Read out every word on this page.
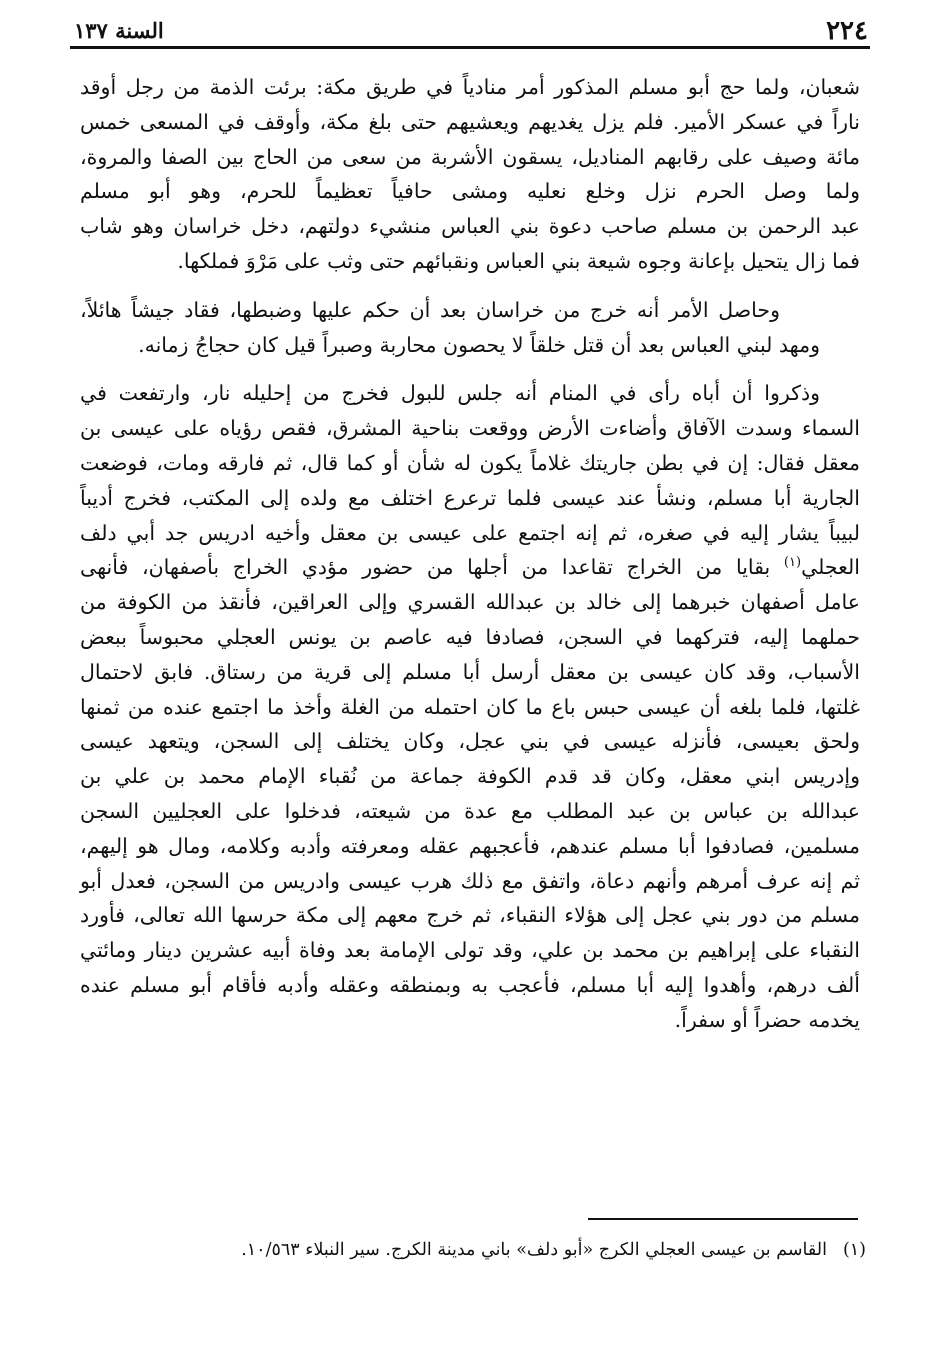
٢٢٤
السنة ١٣٧

شعبان، ولما حج أبو مسلم المذكور أمر منادياً في طريق مكة: برئت الذمة من رجل أوقد
ناراً في عسكر الأمير. فلم يزل يغديهم ويعشيهم حتى بلغ مكة، وأوقف في المسعى خمس
مائة وصيف على رقابهم المناديل، يسقون الأشربة من سعى من الحاج بين الصفا والمروة،
ولما وصل الحرم نزل وخلع نعليه ومشى حافياً تعظيماً للحرم، وهو أبو مسلم
عبد الرحمن بن مسلم صاحب دعوة بني العباس منشيء دولتهم، دخل خراسان وهو شاب
فما زال يتحيل بإعانة وجوه شيعة بني العباس ونقبائهم حتى وثب على مَرْوَ فملكها.

وحاصل الأمر أنه خرج من خراسان بعد أن حكم عليها وضبطها، فقاد جيشاً هائلاً،
ومهد لبني العباس بعد أن قتل خلقاً لا يحصون محاربة وصبراً قيل كان حجاجُ زمانه.

وذكروا أن أباه رأى في المنام أنه جلس للبول فخرج من إحليله نار، وارتفعت في
السماء وسدت الآفاق وأضاءت الأرض ووقعت بناحية المشرق، فقص رؤياه على عيسى بن
معقل فقال: إن في بطن جاريتك غلاماً يكون له شأن أو كما قال، ثم فارقه ومات، فوضعت
الجارية أبا مسلم، ونشأ عند عيسى فلما ترعرع اختلف مع ولده إلى المكتب، فخرج أديباً
لبيباً يشار إليه في صغره، ثم إنه اجتمع على عيسى بن معقل وأخيه ادريس جد أبي دلف
العجلي$^{(١)}$ بقايا من الخراج تقاعدا من أجلها من حضور مؤدي الخراج بأصفهان، فأنهى
عامل أصفهان خبرهما إلى خالد بن عبدالله القسري وإلى العراقين، فأنقذ من الكوفة من
حملهما إليه، فتركهما في السجن، فصادفا فيه عاصم بن يونس العجلي محبوساً ببعض
الأسباب، وقد كان عيسى بن معقل أرسل أبا مسلم إلى قرية من رستاق. فابق لاحتمال
غلتها، فلما بلغه أن عيسى حبس باع ما كان احتمله من الغلة وأخذ ما اجتمع عنده من ثمنها
ولحق بعيسى، فأنزله عيسى في بني عجل، وكان يختلف إلى السجن، ويتعهد عيسى
وإدريس ابني معقل، وكان قد قدم الكوفة جماعة من نُقباء الإمام محمد بن علي بن
عبدالله بن عباس بن عبد المطلب مع عدة من شيعته، فدخلوا على العجليين السجن
مسلمين، فصادفوا أبا مسلم عندهم، فأعجبهم عقله ومعرفته وأدبه وكلامه، ومال هو إليهم،
ثم إنه عرف أمرهم وأنهم دعاة، واتفق مع ذلك هرب عيسى وادريس من السجن، فعدل أبو
مسلم من دور بني عجل إلى هؤلاء النقباء، ثم خرج معهم إلى مكة حرسها الله تعالى، فأورد
النقباء على إبراهيم بن محمد بن علي، وقد تولى الإمامة بعد وفاة أبيه عشرين دينار ومائتي
ألف درهم، وأهدوا إليه أبا مسلم، فأعجب به وبمنطقه وعقله وأدبه فأقام أبو مسلم عنده
يخدمه حضراً أو سفراً.

(١)القاسم بن عيسى العجلي الكرج «أبو دلف» باني مدينة الكرج. سير النبلاء ١٠/٥٦٣.
